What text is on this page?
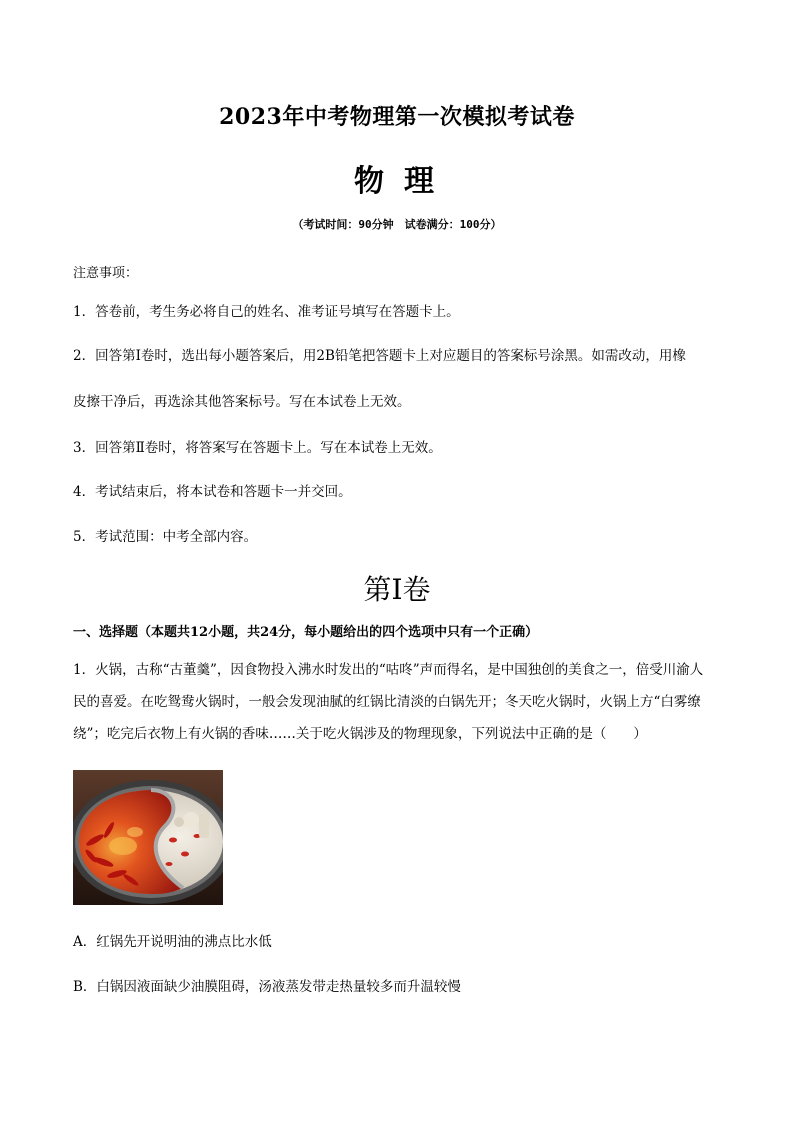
2023年中考物理第一次模拟考试卷
物理
（考试时间：90分钟　试卷满分：100分）
注意事项：
1．答卷前，考生务必将自己的姓名、准考证号填写在答题卡上。
2．回答第Ⅰ卷时，选出每小题答案后，用2B铅笔把答题卡上对应题目的答案标号涂黑。如需改动，用橡
皮擦干净后，再选涂其他答案标号。写在本试卷上无效。
3．回答第Ⅱ卷时，将答案写在答题卡上。写在本试卷上无效。
4．考试结束后，将本试卷和答题卡一并交回。
5．考试范围：中考全部内容。
第Ⅰ卷
一、选择题（本题共12小题，共24分，每小题给出的四个选项中只有一个正确）
1．火锅，古称“古董羹”，因食物投入沸水时发出的“咕咚”声而得名，是中国独创的美食之一，倍受川渝人
民的喜爱。在吃鸳鸯火锅时，一般会发现油腻的红锅比清淡的白锅先开；冬天吃火锅时，火锅上方“白雾缭
绕”；吃完后衣物上有火锅的香味……关于吃火锅涉及的物理现象，下列说法中正确的是（　　）
A．红锅先开说明油的沸点比水低
B．白锅因液面缺少油膜阻碍，汤液蒸发带走热量较多而升温较慢
